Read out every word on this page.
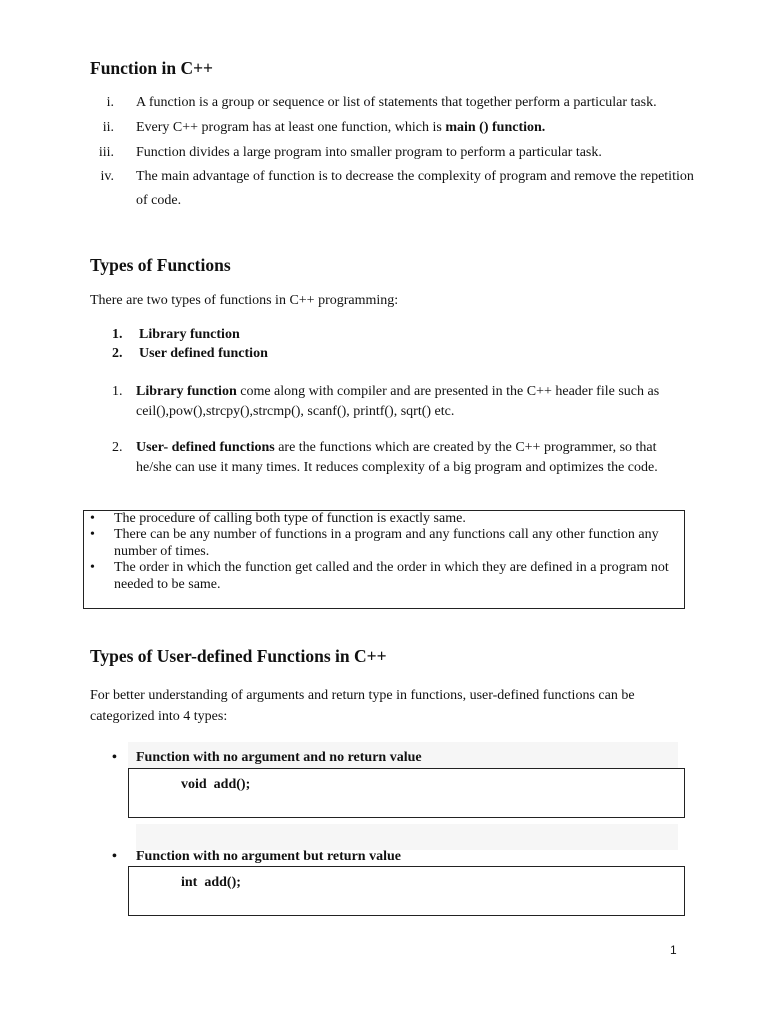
Function in C++
i. A function is a group or sequence or list of statements that together perform a particular task.
ii. Every C++ program has at least one function, which is main () function.
iii. Function divides a large program into smaller program to perform a particular task.
iv. The main advantage of function is to decrease the complexity of program and remove the repetition of code.
Types of Functions

There are two types of functions in C++ programming:

1. Library function
2. User defined function
1. Library function come along with compiler and are presented in the C++ header file such as ceil(),pow(),strcpy(),strcmp(), scanf(), printf(), sqrt() etc.
2. User- defined functions are the functions which are created by the C++ programmer, so that he/she can use it many times. It reduces complexity of a big program and optimizes the code.
• The procedure of calling both type of function is exactly same.
• There can be any number of functions in a program and any functions call any other function any number of times.
• The order in which the function get called and the order in which they are defined in a program not needed to be same.
Types of User-defined Functions in C++

For better understanding of arguments and return type in functions, user-defined functions can be categorized into 4 types:

• Function with no argument and no return value
void  add();
• Function with no argument but return value
int  add();
1
